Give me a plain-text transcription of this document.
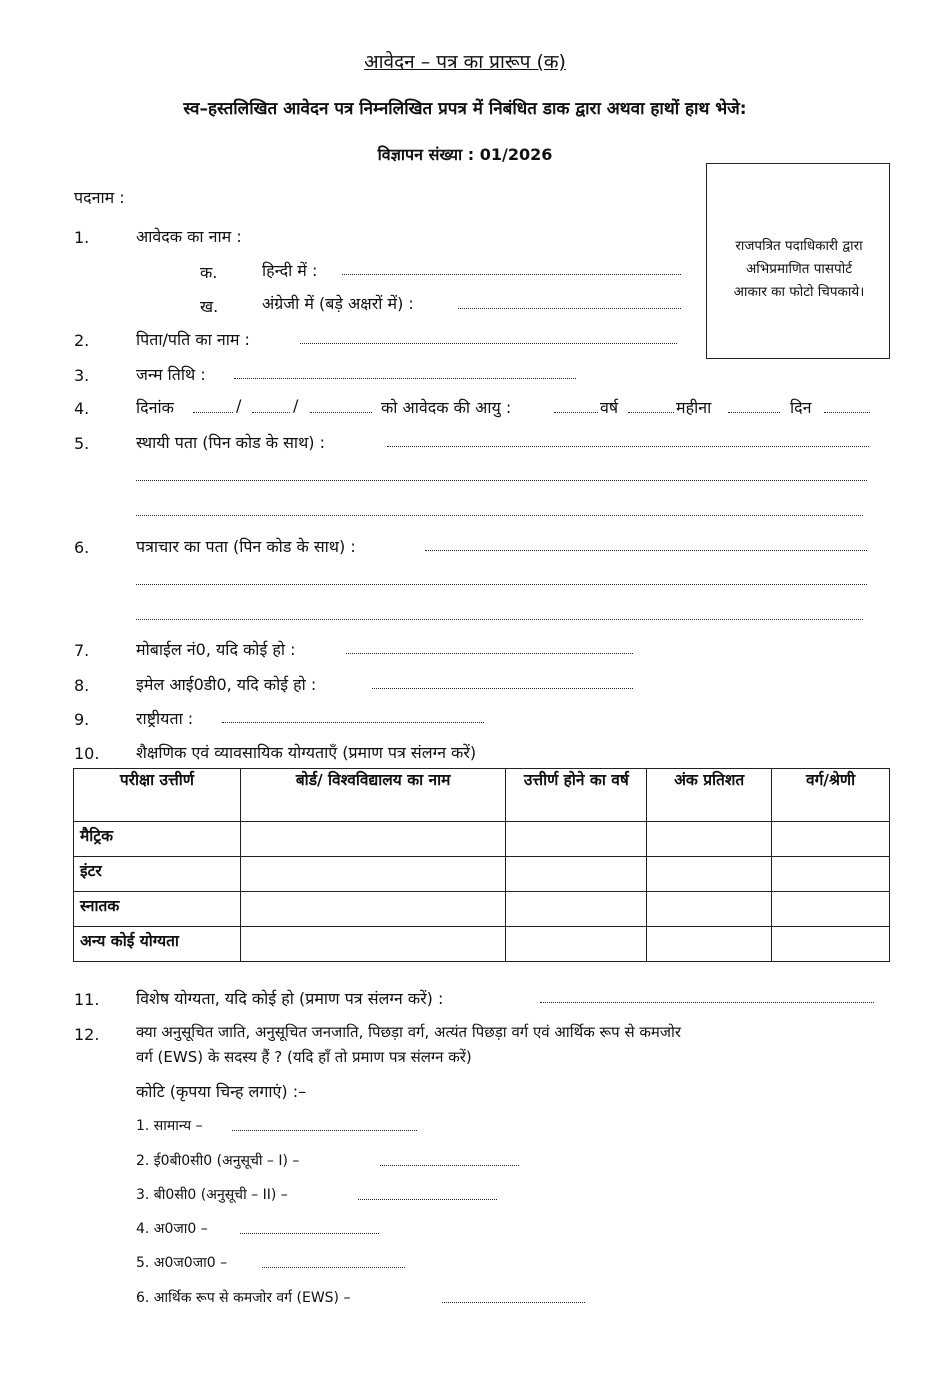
आवेदन – पत्र का प्रारूप (क)
स्व–हस्तलिखित आवेदन पत्र निम्नलिखित प्रपत्र में निबंधित डाक द्वारा अथवा हाथों हाथ भेजे:
विज्ञापन संख्या : 01/2026
राजपत्रित पदाधिकारी द्वारा
अभिप्रमाणित पासपोर्ट
आकार का फोटो चिपकाये।
पदनाम :
1.	आवेदक का नाम :
क.	हिन्दी में :
ख.	अंग्रेजी में (बड़े अक्षरों में) :
2.	पिता/पति का नाम :
3.	जन्म तिथि :
4.	दिनांक	/	/	को आवेदक की आयु :	वर्ष	महीना	दिन
5.	स्थायी पता (पिन कोड के साथ) :
6.	पत्राचार का पता (पिन कोड के साथ) :
7.	मोबाईल नं0, यदि कोई हो :
8.	इमेल आई0डी0, यदि कोई हो :
9.	राष्ट्रीयता :
10. शैक्षणिक एवं व्यावसायिक योग्यताएँ (प्रमाण पत्र संलग्न करें)
परीक्षा उत्तीर्ण	बोर्ड/ विश्वविद्यालय का नाम	उत्तीर्ण होने का वर्ष	अंक प्रतिशत	वर्ग/श्रेणी
मैट्रिक				
इंटर				
स्नातक				
अन्य कोई योग्यता				
11. विशेष योग्यता, यदि कोई हो (प्रमाण पत्र संलग्न करें) :
12. क्या अनुसूचित जाति, अनुसूचित जनजाति, पिछड़ा वर्ग, अत्यंत पिछड़ा वर्ग एवं आर्थिक रूप से कमजोर
वर्ग (EWS) के सदस्य हैं ? (यदि हाँ तो प्रमाण पत्र संलग्न करें)
कोटि (कृपया चिन्ह लगाएं) :–
1. सामान्य –
2. ई0बी0सी0 (अनुसूची – I) –
3. बी0सी0 (अनुसूची – II) –
4. अ0जा0 –
5. अ0ज0जा0 –
6. आर्थिक रूप से कमजोर वर्ग (EWS) –
